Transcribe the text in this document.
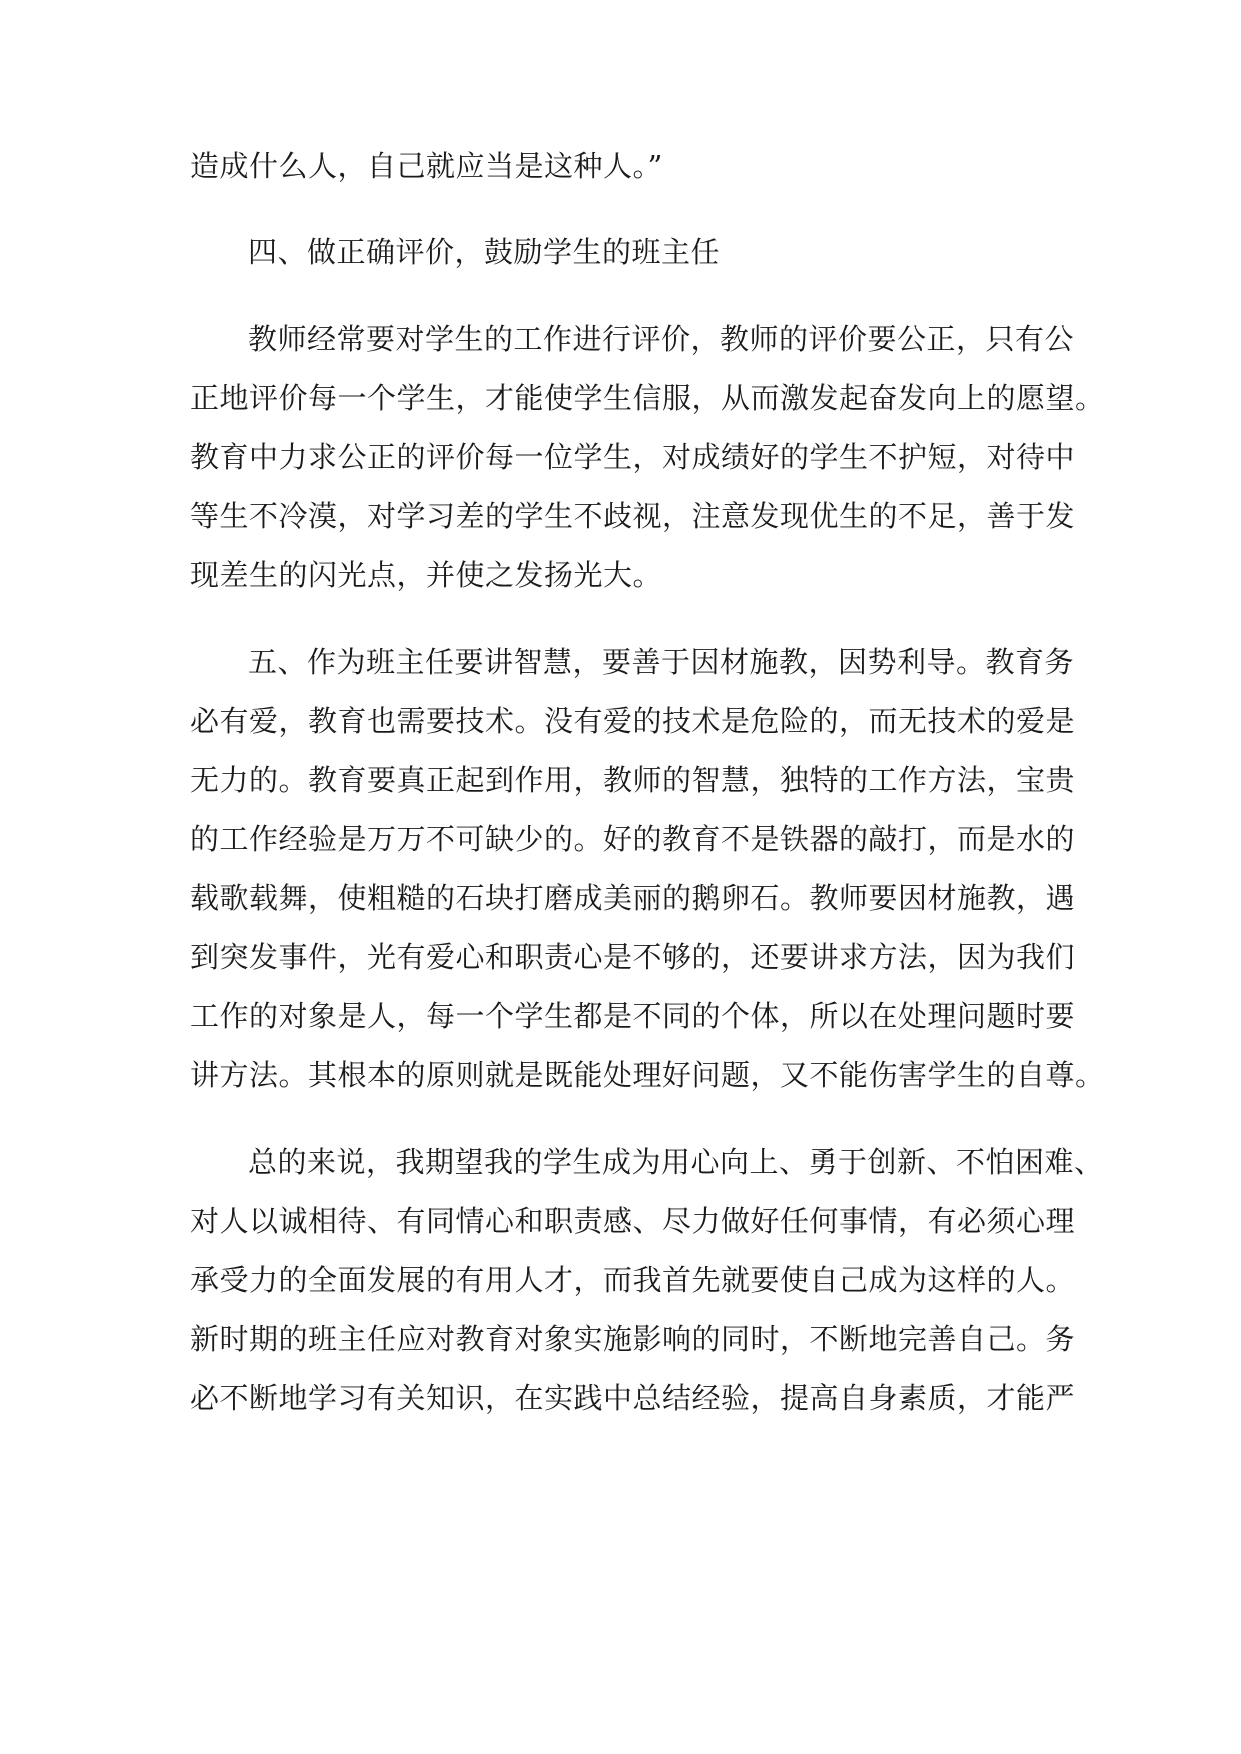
造成什么人，自己就应当是这种人。”
四、做正确评价，鼓励学生的班主任
教师经常要对学生的工作进行评价，教师的评价要公正，只有公
正地评价每一个学生，才能使学生信服，从而激发起奋发向上的愿望。
教育中力求公正的评价每一位学生，对成绩好的学生不护短，对待中
等生不冷漠，对学习差的学生不歧视，注意发现优生的不足，善于发
现差生的闪光点，并使之发扬光大。
五、作为班主任要讲智慧，要善于因材施教，因势利导。教育务
必有爱，教育也需要技术。没有爱的技术是危险的，而无技术的爱是
无力的。教育要真正起到作用，教师的智慧，独特的工作方法，宝贵
的工作经验是万万不可缺少的。好的教育不是铁器的敲打，而是水的
载歌载舞，使粗糙的石块打磨成美丽的鹅卵石。教师要因材施教，遇
到突发事件，光有爱心和职责心是不够的，还要讲求方法，因为我们
工作的对象是人，每一个学生都是不同的个体，所以在处理问题时要
讲方法。其根本的原则就是既能处理好问题，又不能伤害学生的自尊。
总的来说，我期望我的学生成为用心向上、勇于创新、不怕困难、
对人以诚相待、有同情心和职责感、尽力做好任何事情，有必须心理
承受力的全面发展的有用人才，而我首先就要使自己成为这样的人。
新时期的班主任应对教育对象实施影响的同时，不断地完善自己。务
必不断地学习有关知识，在实践中总结经验，提高自身素质，才能严
